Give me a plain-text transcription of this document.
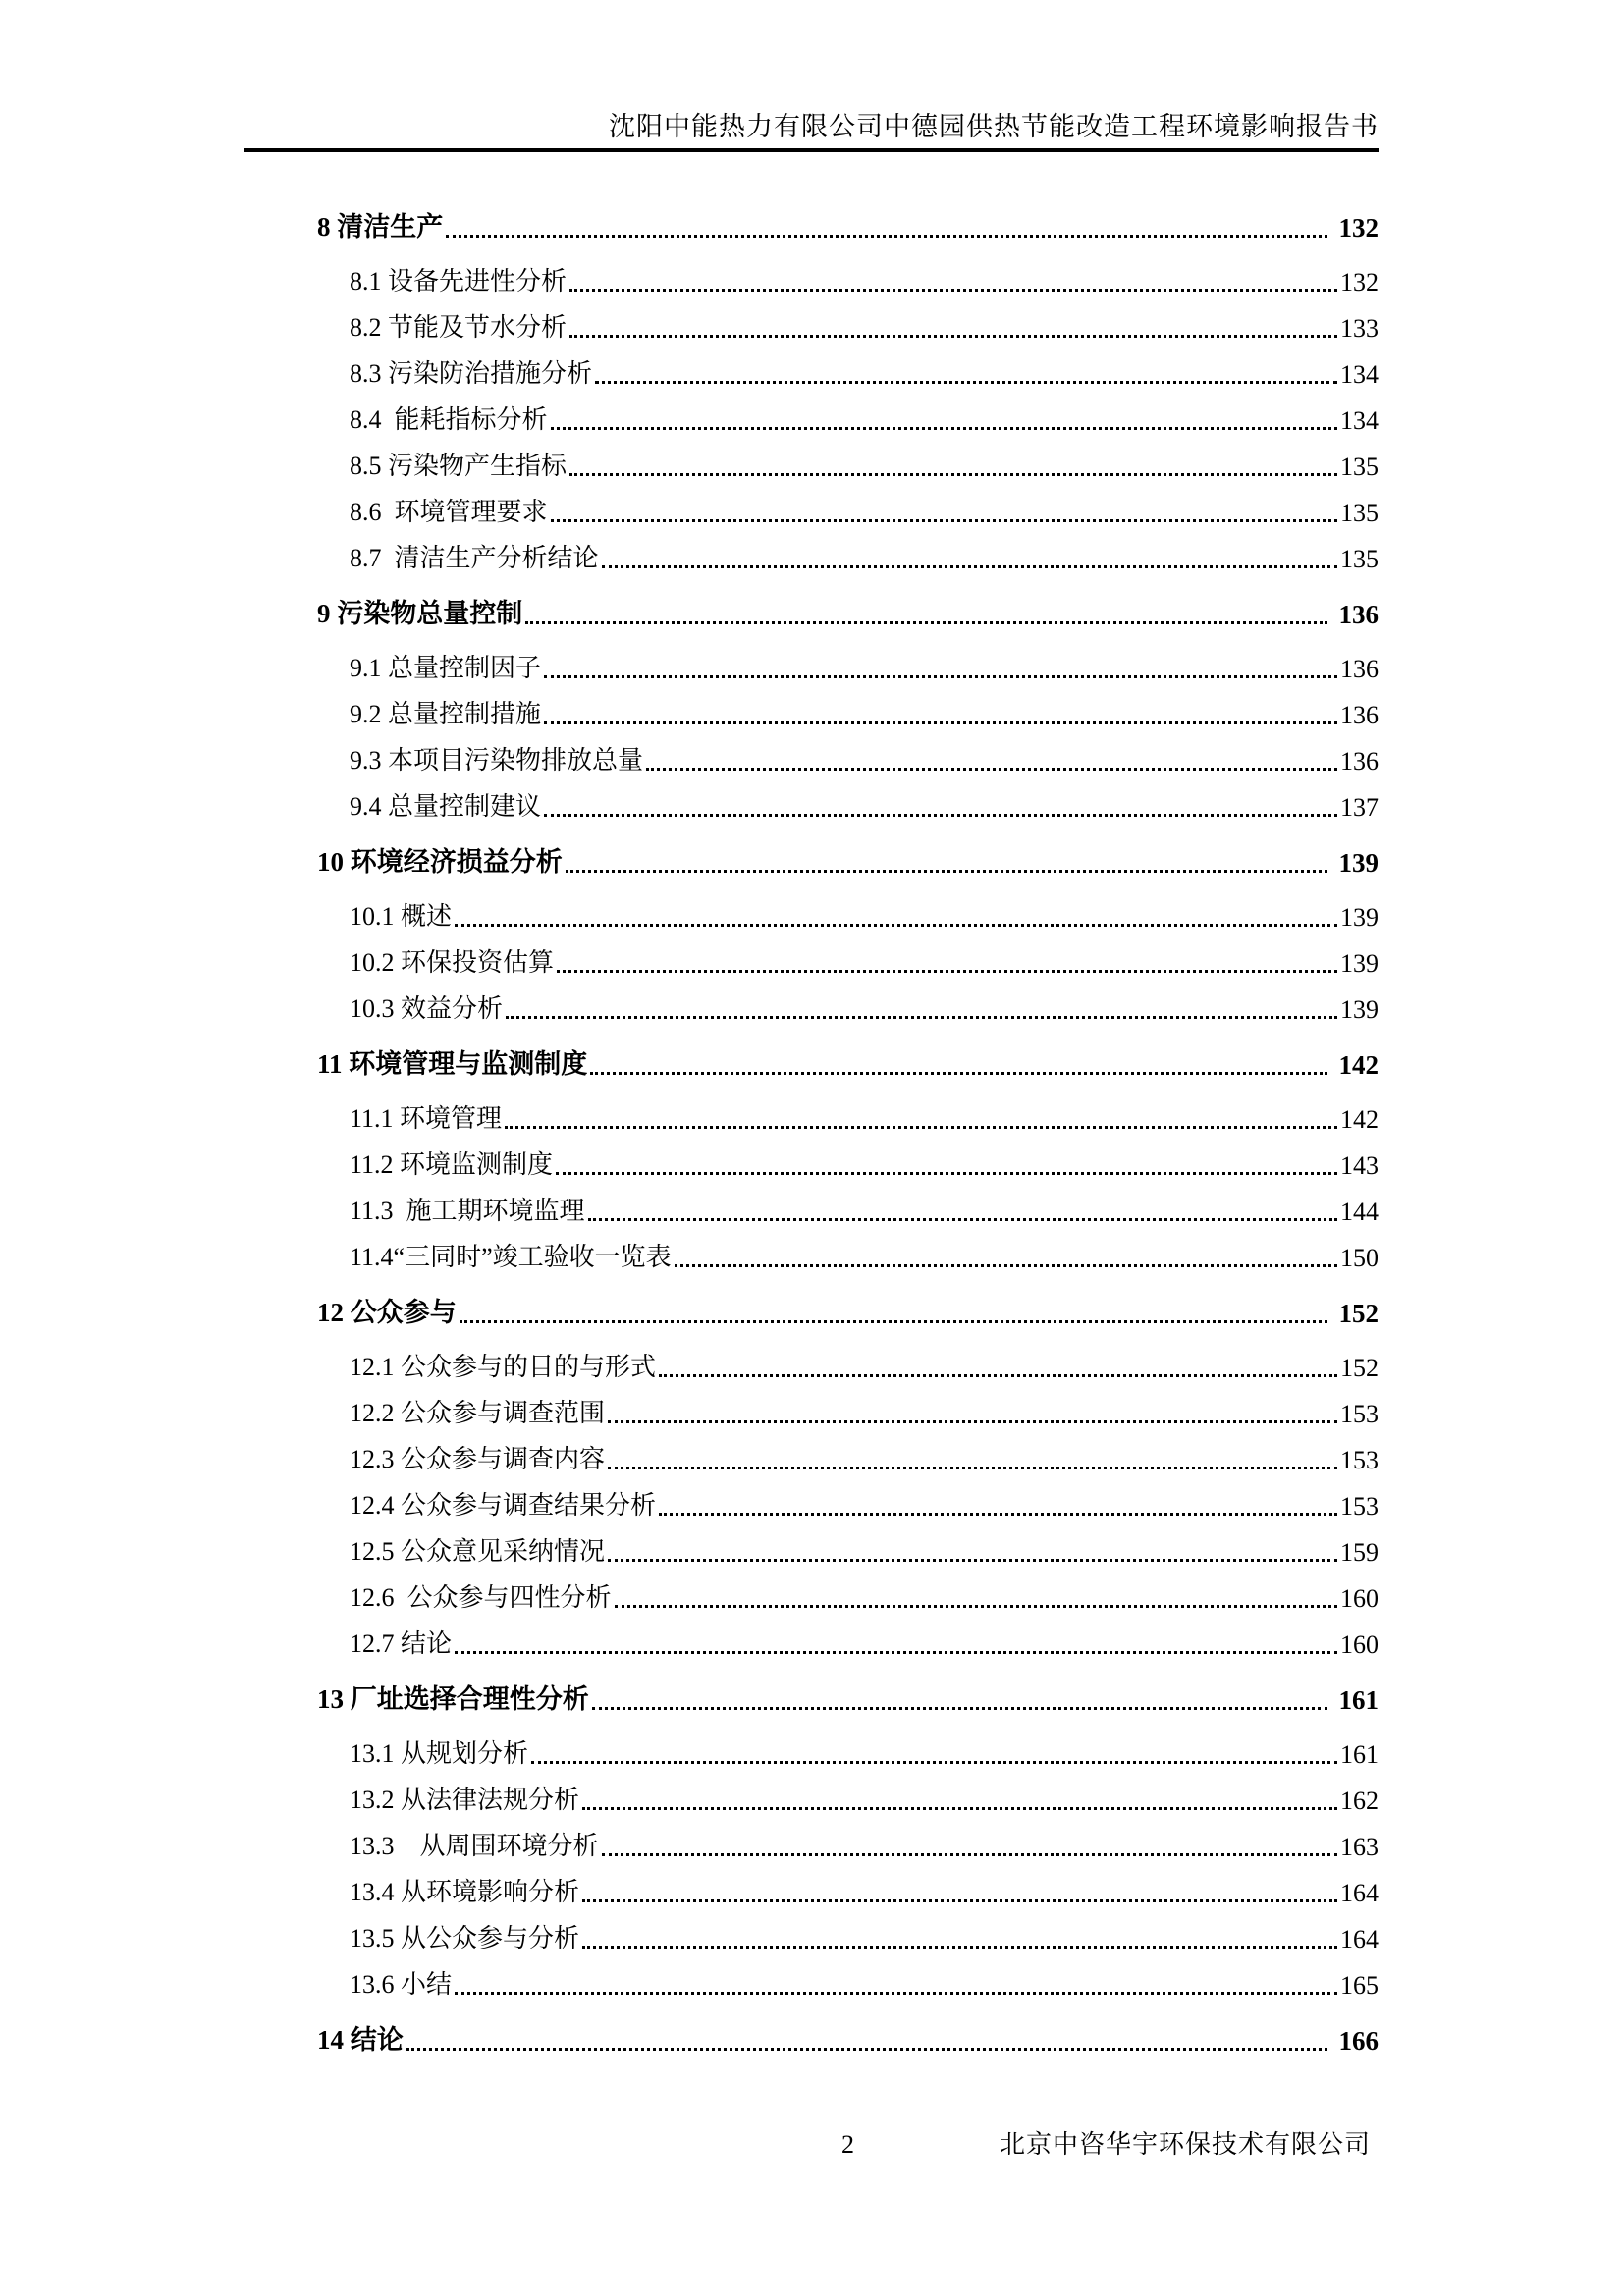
沈阳中能热力有限公司中德园供热节能改造工程环境影响报告书
8 清洁生产	132
8.1 设备先进性分析	132
8.2 节能及节水分析	133
8.3 污染防治措施分析	134
8.4  能耗指标分析	134
8.5 污染物产生指标	135
8.6  环境管理要求	135
8.7  清洁生产分析结论	135
9 污染物总量控制	136
9.1 总量控制因子	136
9.2 总量控制措施	136
9.3 本项目污染物排放总量	136
9.4 总量控制建议	137
10 环境经济损益分析	139
10.1 概述	139
10.2 环保投资估算	139
10.3 效益分析	139
11 环境管理与监测制度	142
11.1 环境管理	142
11.2 环境监测制度	143
11.3  施工期环境监理	144
11.4“三同时”竣工验收一览表	150
12 公众参与	152
12.1 公众参与的目的与形式	152
12.2 公众参与调查范围	153
12.3 公众参与调查内容	153
12.4 公众参与调查结果分析	153
12.5 公众意见采纳情况	159
12.6  公众参与四性分析	160
12.7 结论	160
13 厂址选择合理性分析	161
13.1 从规划分析	161
13.2 从法律法规分析	162
13.3    从周围环境分析	163
13.4 从环境影响分析	164
13.5 从公众参与分析	164
13.6 小结	165
14 结论	166
2	北京中咨华宇环保技术有限公司
